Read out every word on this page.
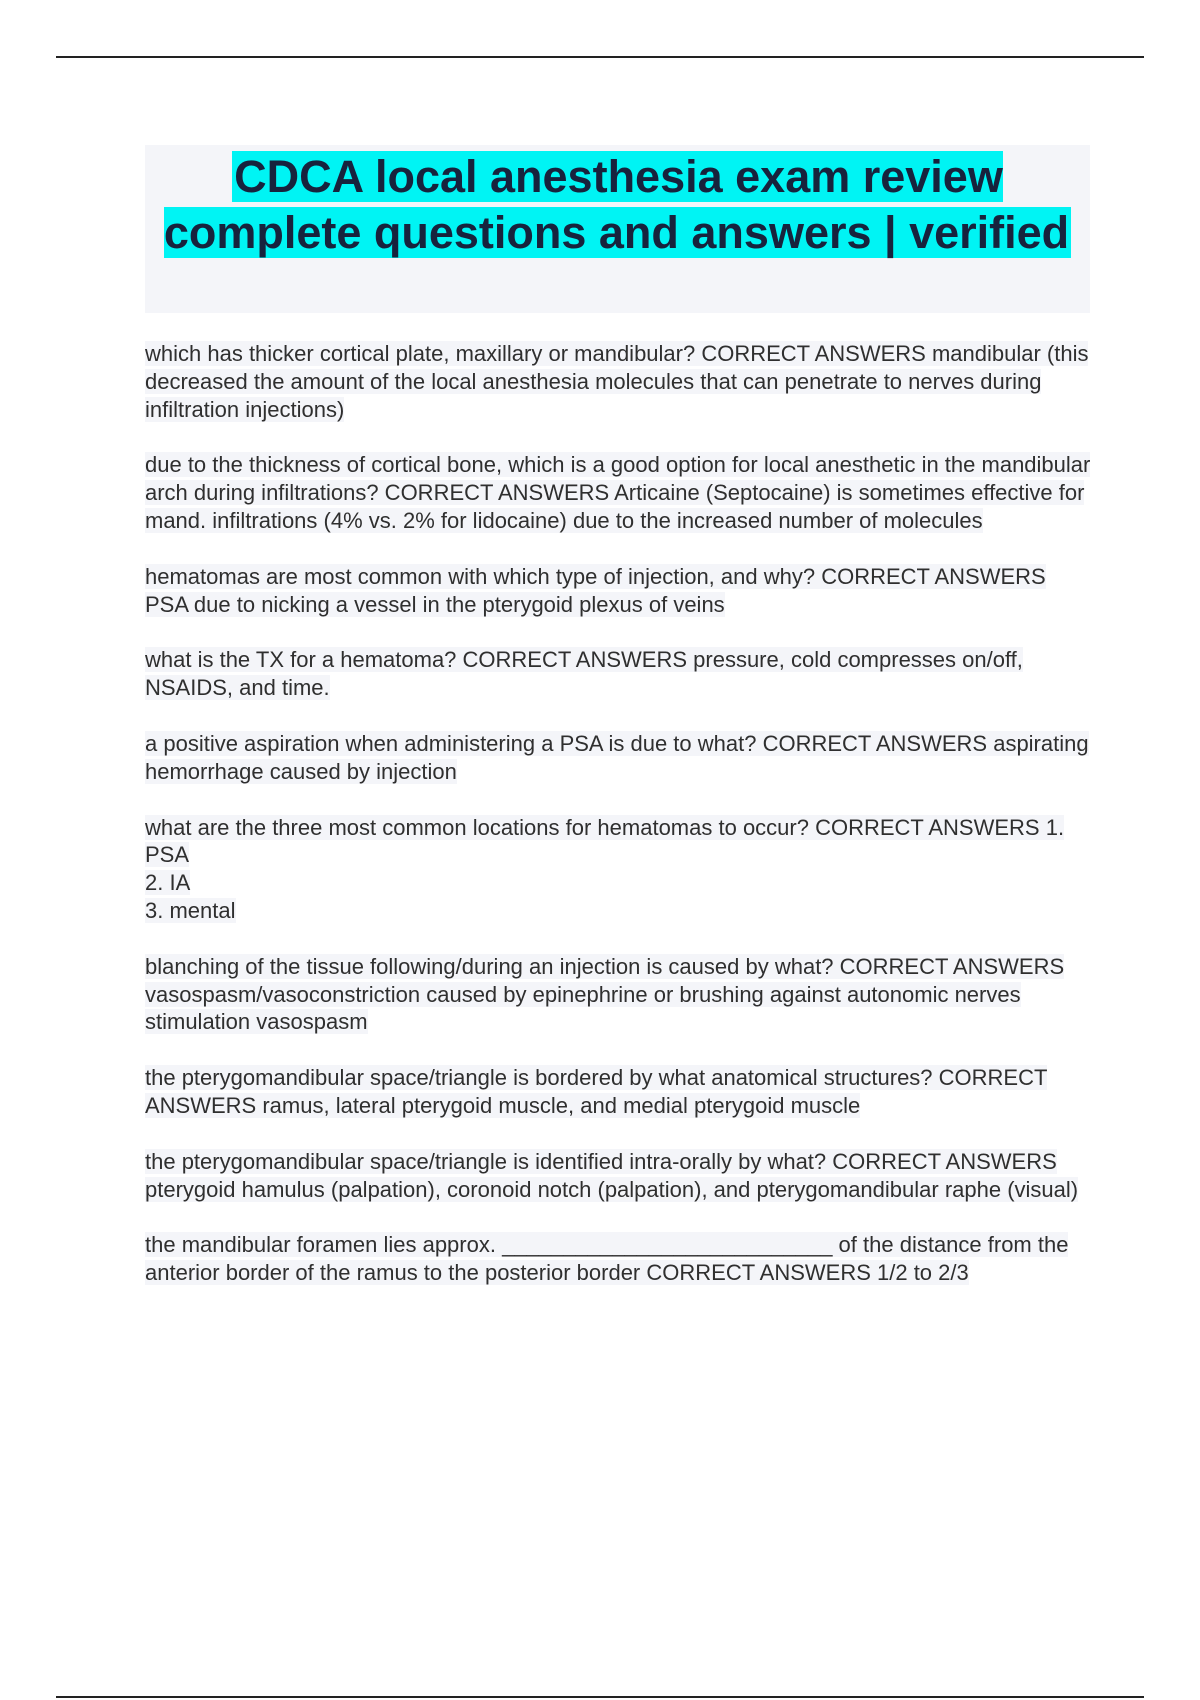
CDCA local anesthesia exam review complete questions and answers | verified

which has thicker cortical plate, maxillary or mandibular? CORRECT ANSWERS mandibular (this decreased the amount of the local anesthesia molecules that can penetrate to nerves during infiltration injections)

due to the thickness of cortical bone, which is a good option for local anesthetic in the mandibular arch during infiltrations? CORRECT ANSWERS Articaine (Septocaine) is sometimes effective for mand. infiltrations (4% vs. 2% for lidocaine) due to the increased number of molecules

hematomas are most common with which type of injection, and why? CORRECT ANSWERS PSA due to nicking a vessel in the pterygoid plexus of veins

what is the TX for a hematoma? CORRECT ANSWERS pressure, cold compresses on/off, NSAIDS, and time.

a positive aspiration when administering a PSA is due to what? CORRECT ANSWERS aspirating hemorrhage caused by injection

what are the three most common locations for hematomas to occur? CORRECT ANSWERS 1. PSA
2. IA
3. mental

blanching of the tissue following/during an injection is caused by what? CORRECT ANSWERS vasospasm/vasoconstriction caused by epinephrine or brushing against autonomic nerves stimulation vasospasm

the pterygomandibular space/triangle is bordered by what anatomical structures? CORRECT ANSWERS ramus, lateral pterygoid muscle, and medial pterygoid muscle

the pterygomandibular space/triangle is identified intra-orally by what? CORRECT ANSWERS pterygoid hamulus (palpation), coronoid notch (palpation), and pterygomandibular raphe (visual)

the mandibular foramen lies approx. ___________________________ of the distance from the anterior border of the ramus to the posterior border CORRECT ANSWERS 1/2 to 2/3
